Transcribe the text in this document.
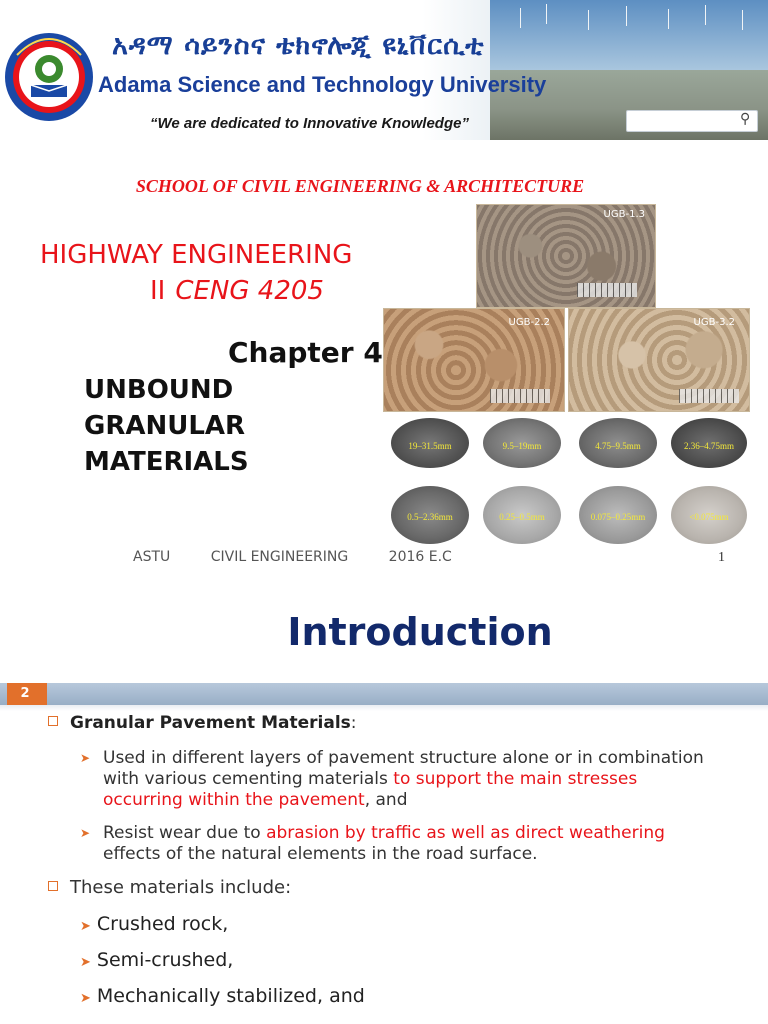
አዳማ ሳይንስና ቴክኖሎጂ ዩኒቨርሲቲ
Adama Science and Technology University
“We are dedicated to Innovative Knowledge”	⚲
SCHOOL OF CIVIL ENGINEERING & ARCHITECTURE
HIGHWAY ENGINEERING
II CENG 4205
Chapter 4
UNBOUND
GRANULAR
MATERIALS
UGB-1.3
UGB-2.2	UGB-3.2
19–31.5mm	9.5–19mm	4.75–9.5mm	2.36–4.75mm
0.5–2.36mm	0.25–0.5mm	0.075–0.25mm	<0.075mm
ASTU	CIVIL ENGINEERING	2016 E.C	1
Introduction
2
Granular Pavement Materials:
➤ Used in different layers of pavement structure alone or in combination with various cementing materials to support the main stresses occurring within the pavement, and
➤ Resist wear due to abrasion by traffic as well as direct weathering effects of the natural elements in the road surface.
These materials include:
➤ Crushed rock,
➤ Semi-crushed,
➤ Mechanically stabilized, and
